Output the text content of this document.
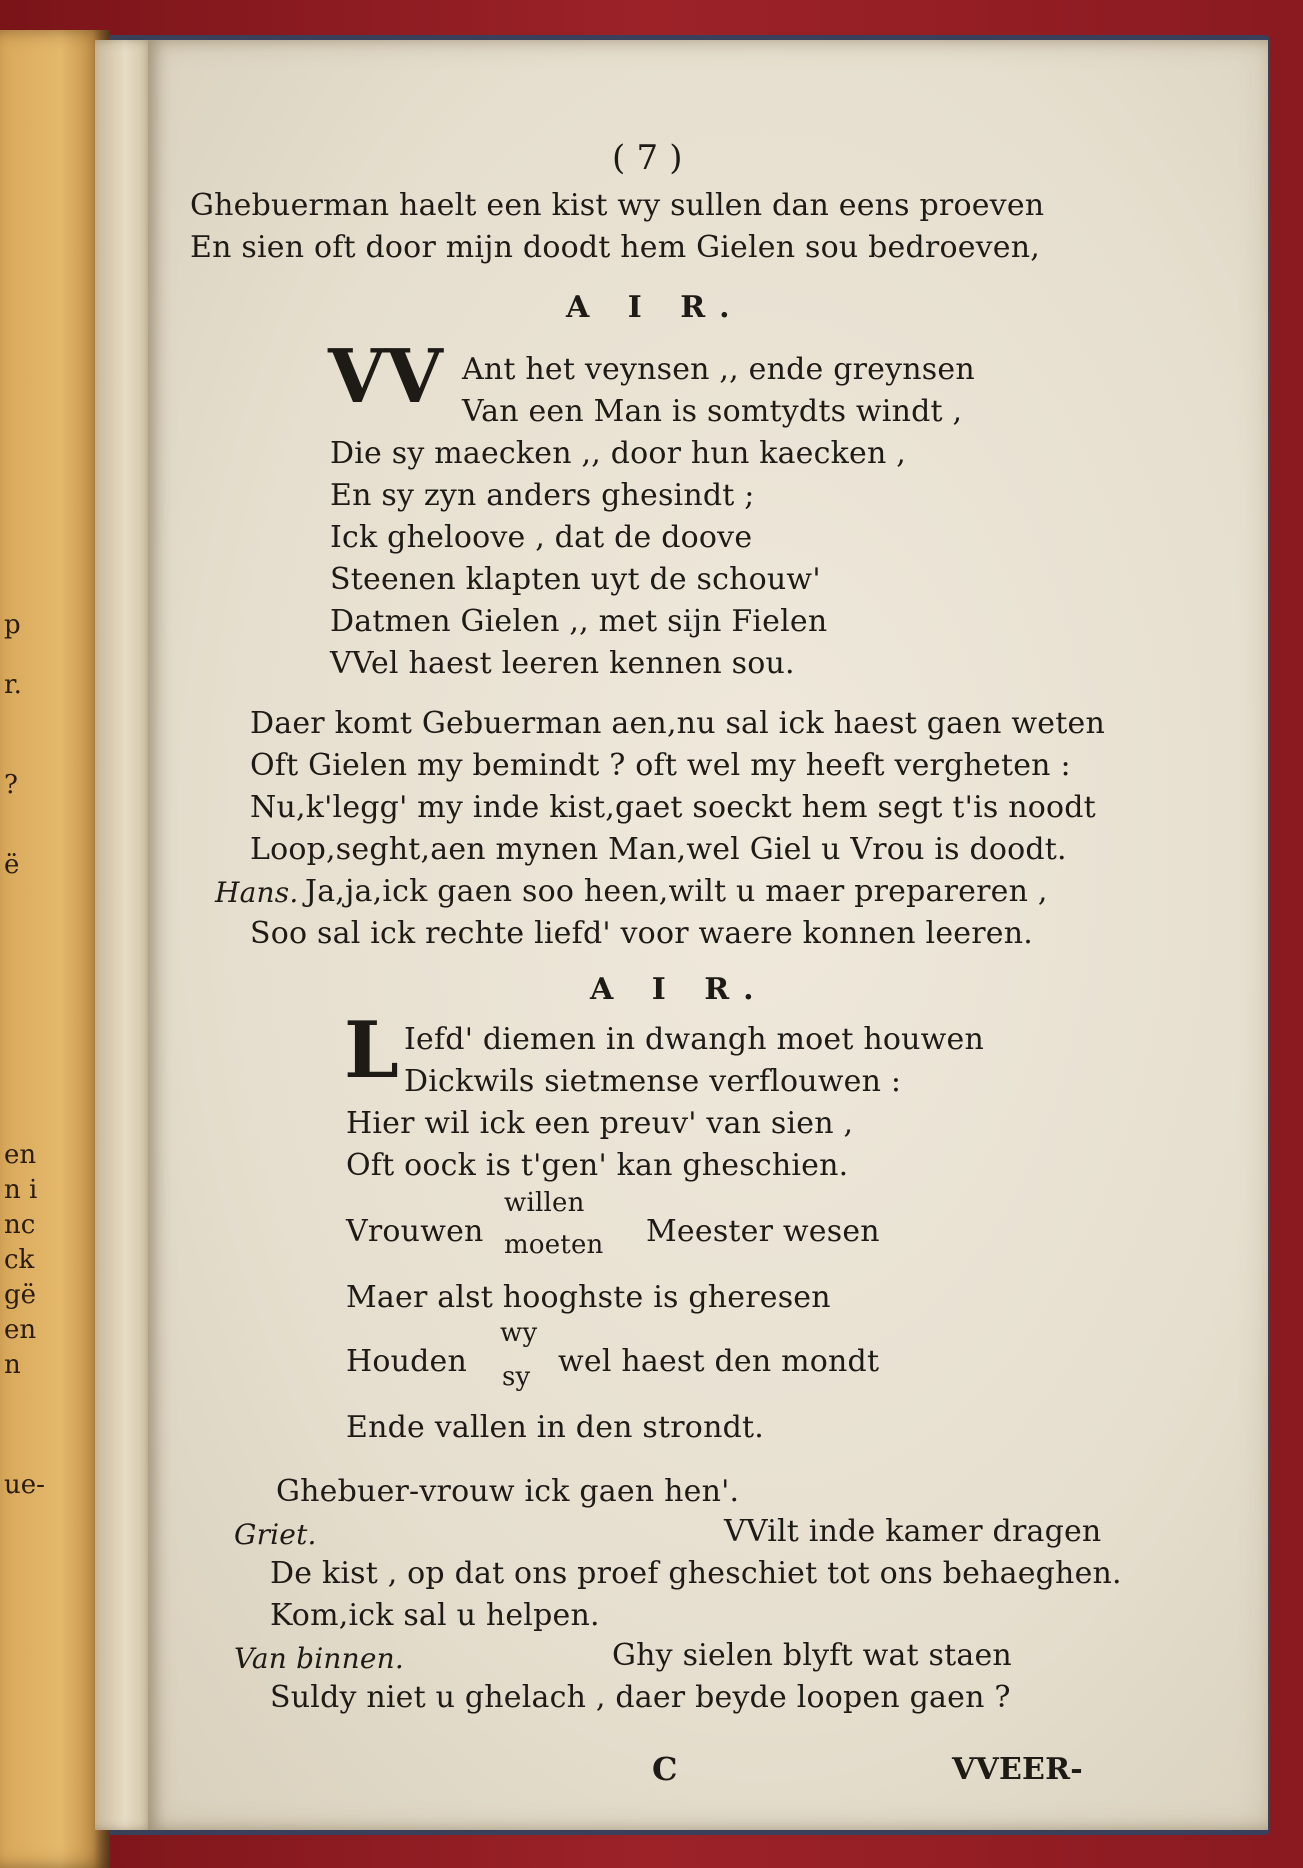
p
r.
?
ë
en
n i
nc
ck
gë
en
n
ue-
( 7 )
Ghebuerman haelt een kist wy sullen dan eens proeven
En sien oft door mijn doodt hem Gielen sou bedroeven,
A I R.
VV Ant het veynsen ,, ende greynsen
Van een Man is somtydts windt ,
Die sy maecken ,, door hun kaecken ,
En sy zyn anders ghesindt ;
Ick gheloove , dat de doove
Steenen klapten uyt de schouw'
Datmen Gielen ,, met sijn Fielen
VVel haest leeren kennen sou.
Daer komt Gebuerman aen,nu sal ick haest gaen weten
Oft Gielen my bemindt ? oft wel my heeft vergheten :
Nu,k'legg' my inde kist,gaet soeckt hem segt t'is noodt
Loop,seght,aen mynen Man,wel Giel u Vrou is doodt.
Hans. Ja,ja,ick gaen soo heen,wilt u maer prepareren ,
Soo sal ick rechte liefd' voor waere konnen leeren.
A I R.
L Iefd' diemen in dwangh moet houwen
Dickwils sietmense verflouwen :
Hier wil ick een preuv' van sien ,
Oft oock is t'gen' kan gheschien.
Vrouwen
willen
moeten Meester wesen
Maer alst hooghste is gheresen
Houden
wy
sy wel haest den mondt
Ende vallen in den strondt.
Ghebuer-vrouw ick gaen hen'.
Griet.	VVilt inde kamer dragen
De kist , op dat ons proef gheschiet tot ons behaeghen.
Kom,ick sal u helpen.
Van binnen.	Ghy sielen blyft wat staen
Suldy niet u ghelach , daer beyde loopen gaen ?
C	VVEER-
